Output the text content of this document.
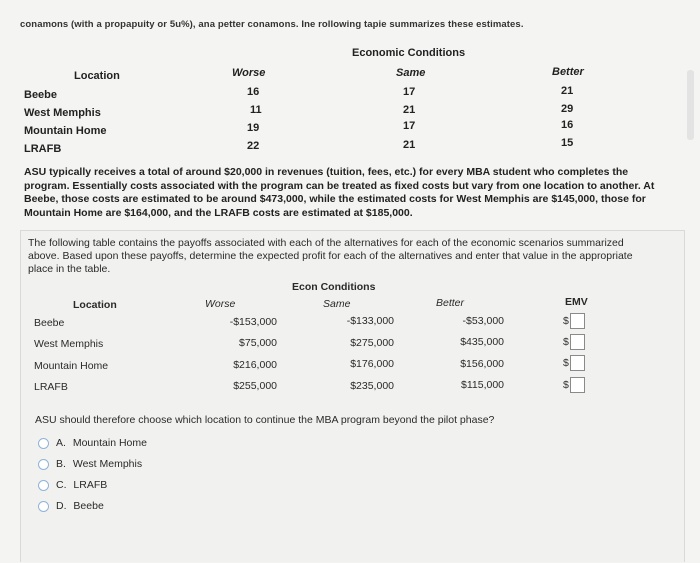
conamons (with a propapuity or 5u%), ana petter conamons. Ine rollowing tapie summarizes these estimates.
Economic Conditions
Location	Worse	Same	Better
Beebe	16	17	21
West Memphis	11	21	29
Mountain Home	19	17	16
LRAFB	22	21	15
ASU typically receives a total of around $20,000 in revenues (tuition, fees, etc.) for every MBA student who completes the
program. Essentially costs associated with the program can be treated as fixed costs but vary from one location to another. At
Beebe, those costs are estimated to be around $473,000, while the estimated costs for West Memphis are $145,000, those for
Mountain Home are $164,000, and the LRAFB costs are estimated at $185,000.
The following table contains the payoffs associated with each of the alternatives for each of the economic scenarios summarized
above. Based upon these payoffs, determine the expected profit for each of the alternatives and enter that value in the appropriate
place in the table.
Econ Conditions
Location	Worse	Same	Better	EMV
Beebe	-$153,000	-$133,000	-$53,000	$
West Memphis	$75,000	$275,000	$435,000	$
Mountain Home	$216,000	$176,000	$156,000	$
LRAFB	$255,000	$235,000	$115,000	$
ASU should therefore choose which location to continue the MBA program beyond the pilot phase?
A. Mountain Home
B. West Memphis
C. LRAFB
D. Beebe
